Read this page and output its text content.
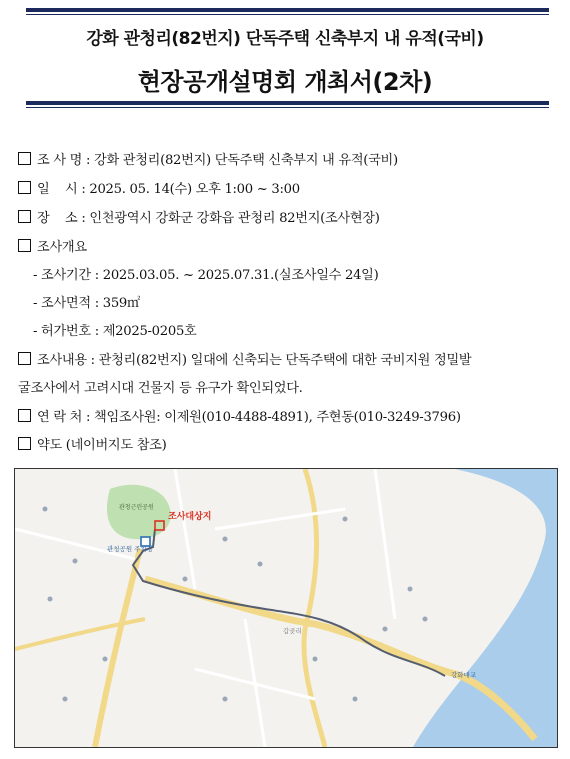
강화 관청리(82번지) 단독주택 신축부지 내 유적(국비)
현장공개설명회 개최서(2차)
조 사 명 : 강화 관청리(82번지) 단독주택 신축부지 내 유적(국비)
일    시 : 2025. 05. 14(수) 오후 1:00 ~ 3:00
장    소 : 인천광역시 강화군 강화읍 관청리 82번지(조사현장)
조사개요
- 조사기간 : 2025.03.05. ~ 2025.07.31.(실조사일수 24일)
- 조사면적 : 359㎡
- 허가번호 : 제2025-0205호
조사내용 : 관청리(82번지) 일대에 신축되는 단독주택에 대한 국비지원 정밀발
굴조사에서 고려시대 건물지 등 유구가 확인되었다.
연 락 처 : 책임조사원: 이제원(010-4488-4891), 주현동(010-3249-3796)
약도 (네이버지도 참조)
조사대상지
관청근린공원
관청공원 주차장
강화대교
갑곶리
